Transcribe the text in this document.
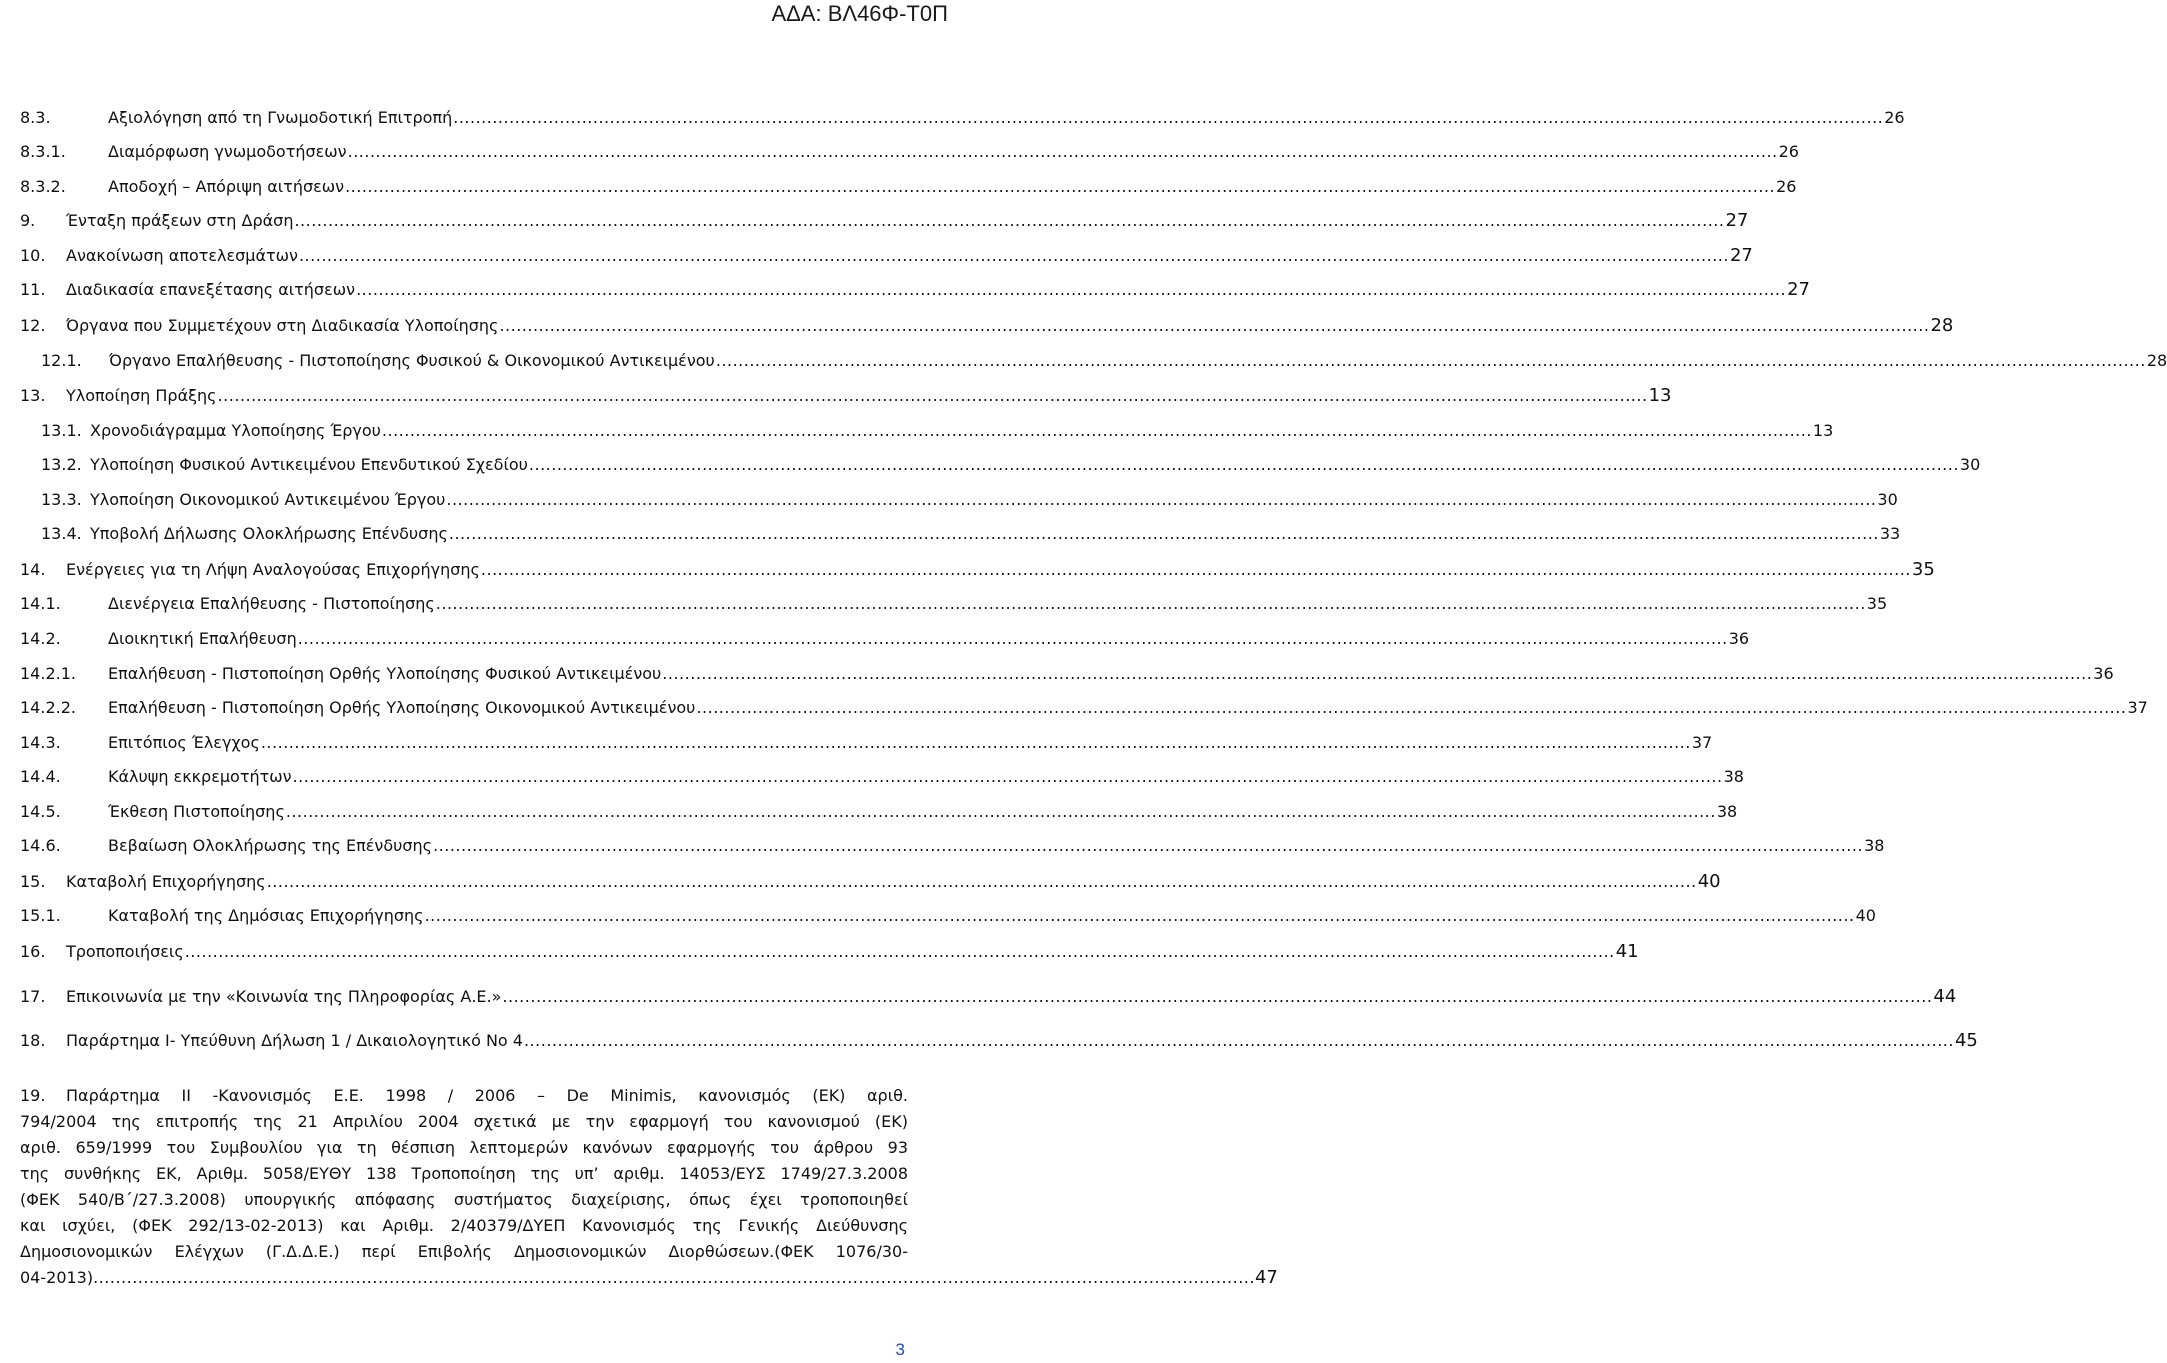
ΑΔΑ: ΒΛ46Φ-Τ0Π
8.3.	Αξιολόγηση από τη Γνωμοδοτική Επιτροπή .....	26
8.3.1.	Διαμόρφωση γνωμοδοτήσεων .....	26
8.3.2.	Αποδοχή – Απόριψη αιτήσεων .....	26
9. Ένταξη πράξεων στη Δράση .....	27
10. Ανακοίνωση αποτελεσμάτων .....	27
11. Διαδικασία επανεξέτασης αιτήσεων .....	27
12. Όργανα που Συμμετέχουν στη Διαδικασία Υλοποίησης .....	28
12.1. Όργανο Επαλήθευσης - Πιστοποίησης Φυσικού & Οικονομικού Αντικειμένου .....	28
13. Υλοποίηση Πράξης .....	13
13.1. Χρονοδιάγραμμα Υλοποίησης Έργου .....	13
13.2. Υλοποίηση Φυσικού Αντικειμένου Επενδυτικού Σχεδίου .....	30
13.3. Υλοποίηση Οικονομικού Αντικειμένου Έργου .....	30
13.4. Υποβολή Δήλωσης Ολοκλήρωσης Επένδυσης .....	33
14. Ενέργειες για τη Λήψη Αναλογούσας Επιχορήγησης .....	35
14.1.	Διενέργεια Επαλήθευσης - Πιστοποίησης .....	35
14.2.	Διοικητική Επαλήθευση .....	36
14.2.1. Επαλήθευση - Πιστοποίηση Ορθής Υλοποίησης Φυσικού Αντικειμένου .....	36
14.2.2. Επαλήθευση - Πιστοποίηση Ορθής Υλοποίησης Οικονομικού Αντικειμένου .....	37
14.3.	Επιτόπιος Έλεγχος .....	37
14.4.	Κάλυψη εκκρεμοτήτων .....	38
14.5.	Έκθεση Πιστοποίησης .....	38
14.6.	Βεβαίωση Ολοκλήρωσης της Επένδυσης .....	38
15. Καταβολή Επιχορήγησης .....	40
15.1.	Καταβολή της Δημόσιας Επιχορήγησης .....	40
16. Τροποποιήσεις .....	41
17. Επικοινωνία με την «Κοινωνία της Πληροφορίας Α.Ε.» .....	44
18. Παράρτημα Ι- Υπεύθυνη Δήλωση 1 / Δικαιολογητικό Νο 4 .....	45
19. Παράρτημα ΙΙ -Κανονισμός Ε.Ε. 1998 / 2006 – De Minimis, κανονισμός (ΕΚ) αριθ.
794/2004 της επιτροπής της 21 Απριλίου 2004 σχετικά με την εφαρμογή του κανονισμού (ΕΚ)
αριθ. 659/1999 του Συμβουλίου για τη θέσπιση λεπτομερών κανόνων εφαρμογής του άρθρου 93
της συνθήκης ΕΚ, Αριθμ. 5058/ΕΥΘΥ 138 Τροποποίηση της υπ’ αριθμ. 14053/ΕΥΣ 1749/27.3.2008
(ΦΕΚ 540/Β΄/27.3.2008) υπουργικής απόφασης συστήματος διαχείρισης, όπως έχει τροποποιηθεί
και ισχύει, (ΦΕΚ 292/13-02-2013) και Αριθμ. 2/40379/ΔΥΕΠ Κανονισμός της Γενικής Διεύθυνσης
Δημοσιονομικών Ελέγχων (Γ.Δ.Δ.Ε.) περί Επιβολής Δημοσιονομικών Διορθώσεων.(ΦΕΚ 1076/30-
04-2013) .....	47
3
